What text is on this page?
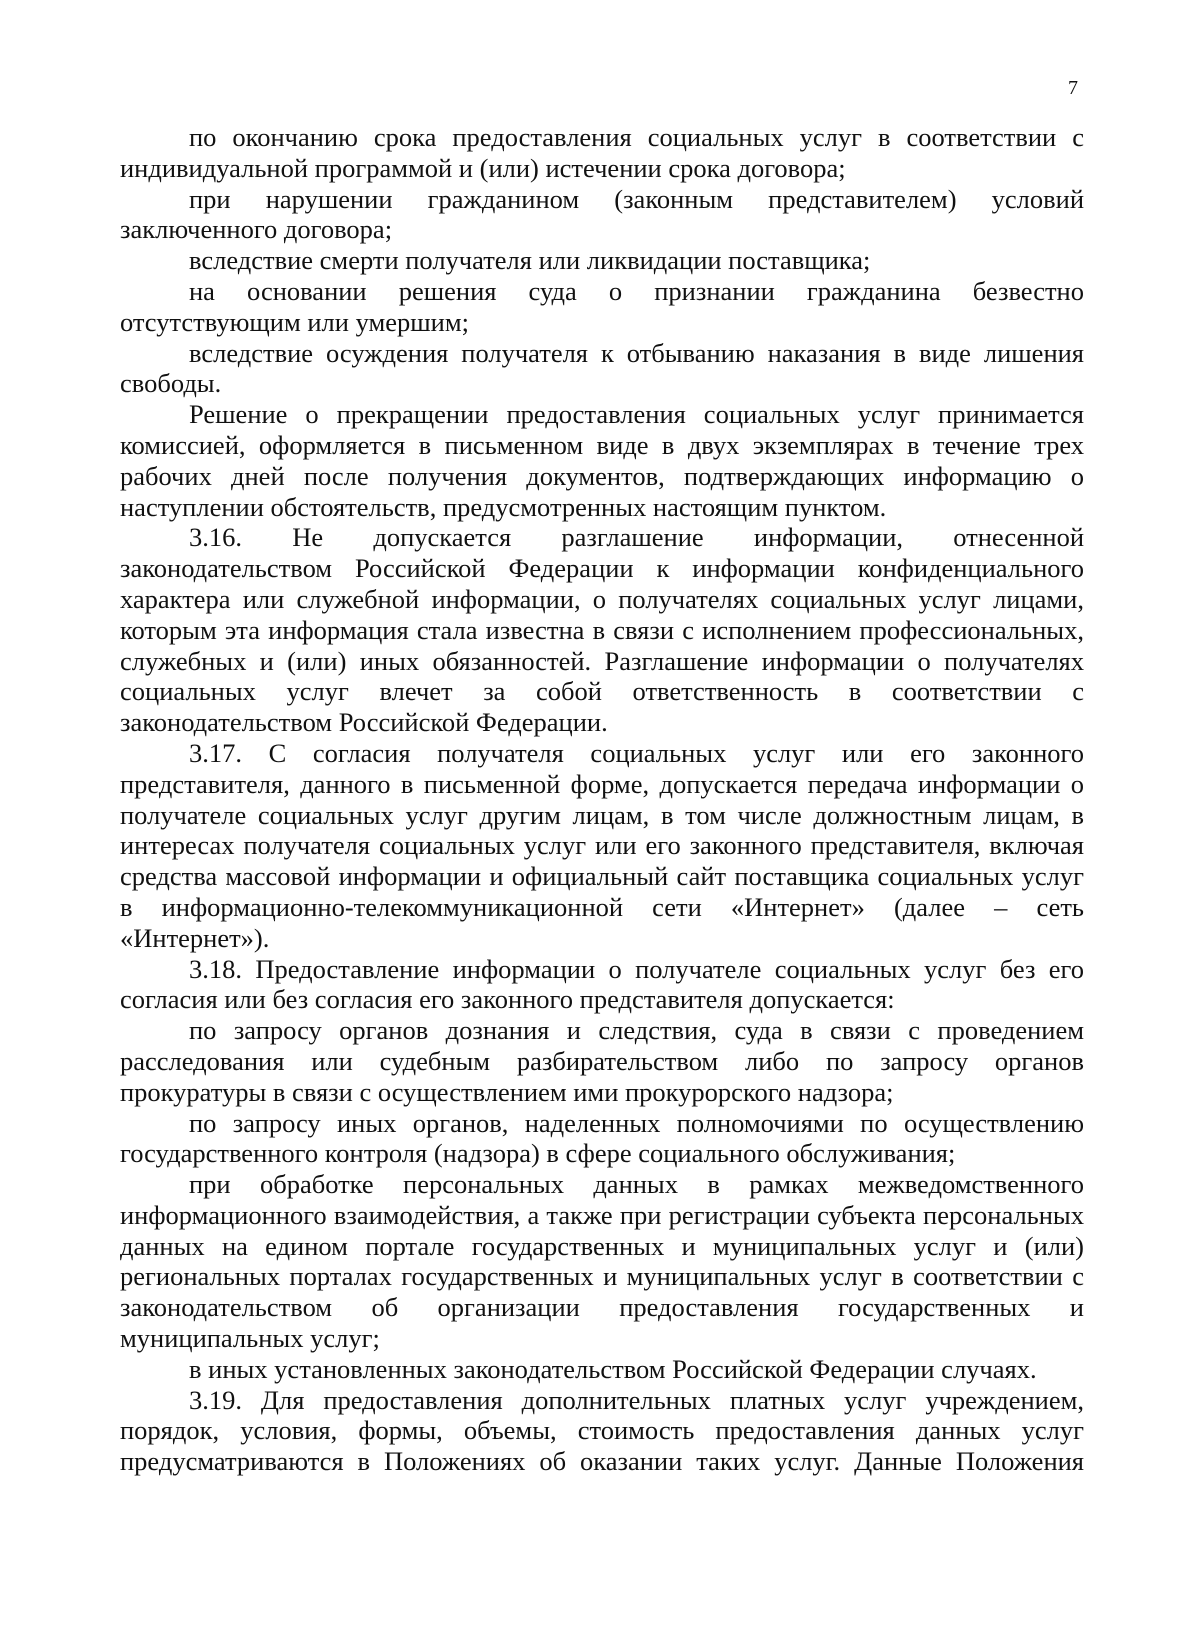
7

по окончанию срока предоставления социальных услуг в соответствии с индивидуальной программой и (или) истечении срока договора;

при нарушении гражданином (законным представителем) условий заключенного договора;

вследствие смерти получателя или ликвидации поставщика;

на основании решения суда о признании гражданина безвестно отсутствующим или умершим;

вследствие осуждения получателя к отбыванию наказания в виде лишения свободы.

Решение о прекращении предоставления социальных услуг принимается комиссией, оформляется в письменном виде в двух экземплярах в течение трех рабочих дней после получения документов, подтверждающих информацию о наступлении обстоятельств, предусмотренных настоящим пунктом.

3.16. Не допускается разглашение информации, отнесенной законодательством Российской Федерации к информации конфиденциального характера или служебной информации, о получателях социальных услуг лицами, которым эта информация стала известна в связи с исполнением профессиональных, служебных и (или) иных обязанностей. Разглашение информации о получателях социальных услуг влечет за собой ответственность в соответствии с законодательством Российской Федерации.

3.17. С согласия получателя социальных услуг или его законного представителя, данного в письменной форме, допускается передача информации о получателе социальных услуг другим лицам, в том числе должностным лицам, в интересах получателя социальных услуг или его законного представителя, включая средства массовой информации и официальный сайт поставщика социальных услуг в информационно-телекоммуникационной сети «Интернет» (далее – сеть «Интернет»).

3.18. Предоставление информации о получателе социальных услуг без его согласия или без согласия его законного представителя допускается:

по запросу органов дознания и следствия, суда в связи с проведением расследования или судебным разбирательством либо по запросу органов прокуратуры в связи с осуществлением ими прокурорского надзора;

по запросу иных органов, наделенных полномочиями по осуществлению государственного контроля (надзора) в сфере социального обслуживания;

при обработке персональных данных в рамках межведомственного информационного взаимодействия, а также при регистрации субъекта персональных данных на едином портале государственных и муниципальных услуг и (или) региональных порталах государственных и муниципальных услуг в соответствии с законодательством об организации предоставления государственных и муниципальных услуг;

в иных установленных законодательством Российской Федерации случаях.

3.19. Для предоставления дополнительных платных услуг учреждением, порядок, условия, формы, объемы, стоимость предоставления данных услуг предусматриваются в Положениях об оказании таких услуг. Данные Положения
